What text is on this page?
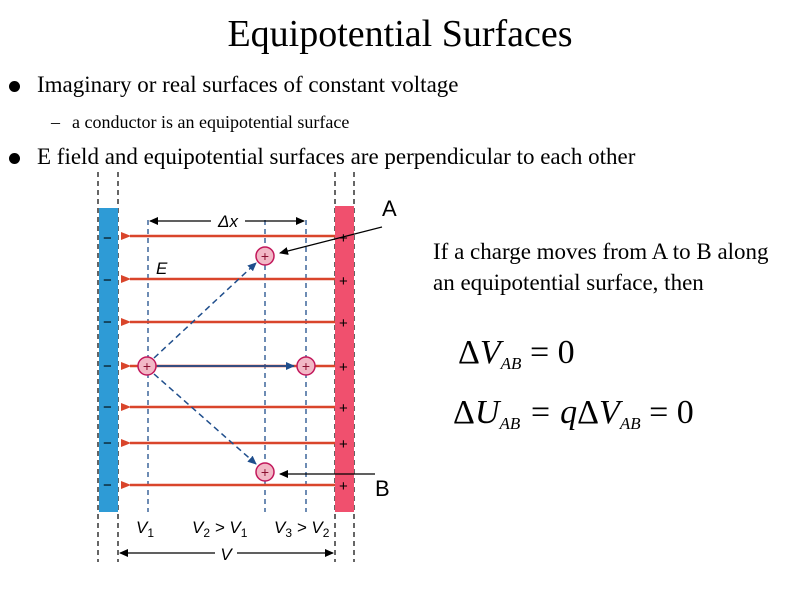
Equipotential Surfaces
Imaginary or real surfaces of constant voltage
– a conductor is an equipotential surface
E field and equipotential surfaces are perpendicular to each other
If a charge moves from A to B along an equipotential surface, then
$\Delta V_{AB} = 0$
$\Delta U_{AB} = q\Delta V_{AB} = 0$
−
−
−
−
−
−
−
+
+
+
+
+
+
+
+
+	+
+
Δx
E
A
B
$V_1$ $V_2 > V_1$ $V_3 > V_2$
V
